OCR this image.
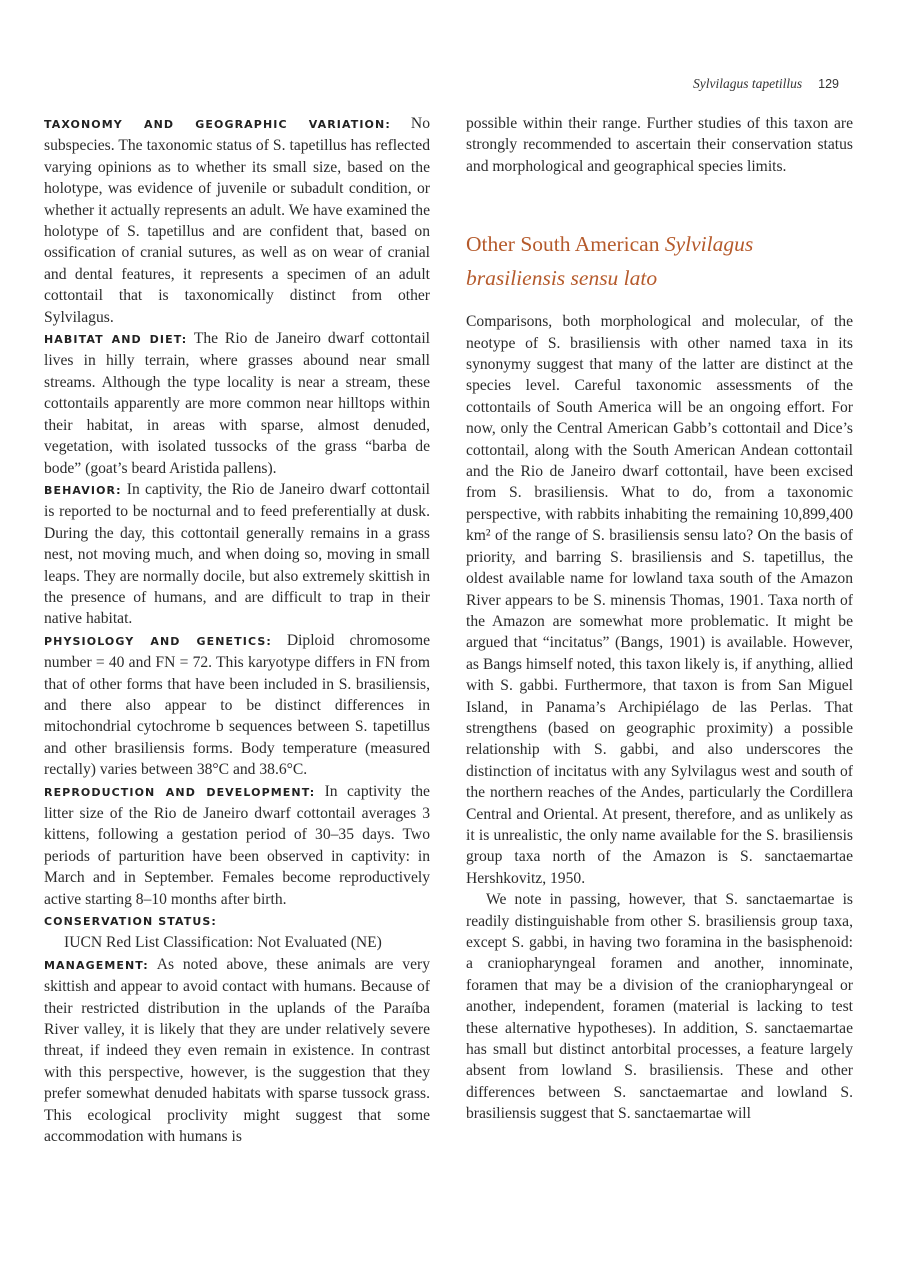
Sylvilagus tapetillus 129

TAXONOMY AND GEOGRAPHIC VARIATION: No subspecies. The taxonomic status of S. tapetillus has reflected varying opinions as to whether its small size, based on the holotype, was evidence of juvenile or subadult condition, or whether it actually represents an adult. We have examined the holotype of S. tapetillus and are confident that, based on ossification of cranial sutures, as well as on wear of cranial and dental features, it represents a specimen of an adult cottontail that is taxonomically distinct from other Sylvilagus.

HABITAT AND DIET: The Rio de Janeiro dwarf cottontail lives in hilly terrain, where grasses abound near small streams. Although the type locality is near a stream, these cottontails apparently are more common near hilltops within their habitat, in areas with sparse, almost denuded, vegetation, with isolated tussocks of the grass “barba de bode” (goat’s beard Aristida pallens).

BEHAVIOR: In captivity, the Rio de Janeiro dwarf cottontail is reported to be nocturnal and to feed preferentially at dusk. During the day, this cottontail generally remains in a grass nest, not moving much, and when doing so, moving in small leaps. They are normally docile, but also extremely skittish in the presence of humans, and are difficult to trap in their native habitat.

PHYSIOLOGY AND GENETICS: Diploid chromosome number = 40 and FN = 72. This karyotype differs in FN from that of other forms that have been included in S. brasiliensis, and there also appear to be distinct differences in mitochondrial cytochrome b sequences between S. tapetillus and other brasiliensis forms. Body temperature (measured rectally) varies between 38°C and 38.6°C.

REPRODUCTION AND DEVELOPMENT: In captivity the litter size of the Rio de Janeiro dwarf cottontail averages 3 kittens, following a gestation period of 30–35 days. Two periods of parturition have been observed in captivity: in March and in September. Females become reproductively active starting 8–10 months after birth.

CONSERVATION STATUS:

IUCN Red List Classification: Not Evaluated (NE)

MANAGEMENT: As noted above, these animals are very skittish and appear to avoid contact with humans. Because of their restricted distribution in the uplands of the Paraíba River valley, it is likely that they are under relatively severe threat, if indeed they even remain in existence. In contrast with this perspective, however, is the suggestion that they prefer somewhat denuded habitats with sparse tussock grass. This ecological proclivity might suggest that some accommodation with humans is

possible within their range. Further studies of this taxon are strongly recommended to ascertain their conservation status and morphological and geographical species limits.

Other South American Sylvilagus
brasiliensis sensu lato

Comparisons, both morphological and molecular, of the neotype of S. brasiliensis with other named taxa in its synonymy suggest that many of the latter are distinct at the species level. Careful taxonomic assessments of the cottontails of South America will be an ongoing effort. For now, only the Central American Gabb’s cottontail and Dice’s cottontail, along with the South American Andean cottontail and the Rio de Janeiro dwarf cottontail, have been excised from S. brasiliensis. What to do, from a taxonomic perspective, with rabbits inhabiting the remaining 10,899,400 km² of the range of S. brasiliensis sensu lato? On the basis of priority, and barring S. brasiliensis and S. tapetillus, the oldest available name for lowland taxa south of the Amazon River appears to be S. minensis Thomas, 1901. Taxa north of the Amazon are somewhat more problematic. It might be argued that “incitatus” (Bangs, 1901) is available. However, as Bangs himself noted, this taxon likely is, if anything, allied with S. gabbi. Furthermore, that taxon is from San Miguel Island, in Panama’s Archipiélago de las Perlas. That strengthens (based on geographic proximity) a possible relationship with S. gabbi, and also underscores the distinction of incitatus with any Sylvilagus west and south of the northern reaches of the Andes, particularly the Cordillera Central and Oriental. At present, therefore, and as unlikely as it is unrealistic, the only name available for the S. brasiliensis group taxa north of the Amazon is S. sanctaemartae Hershkovitz, 1950.

We note in passing, however, that S. sanctaemartae is readily distinguishable from other S. brasiliensis group taxa, except S. gabbi, in having two foramina in the basisphenoid: a craniopharyngeal foramen and another, innominate, foramen that may be a division of the craniopharyngeal or another, independent, foramen (material is lacking to test these alternative hypotheses). In addition, S. sanctaemartae has small but distinct antorbital processes, a feature largely absent from lowland S. brasiliensis. These and other differences between S. sanctaemartae and lowland S. brasiliensis suggest that S. sanctaemartae will
